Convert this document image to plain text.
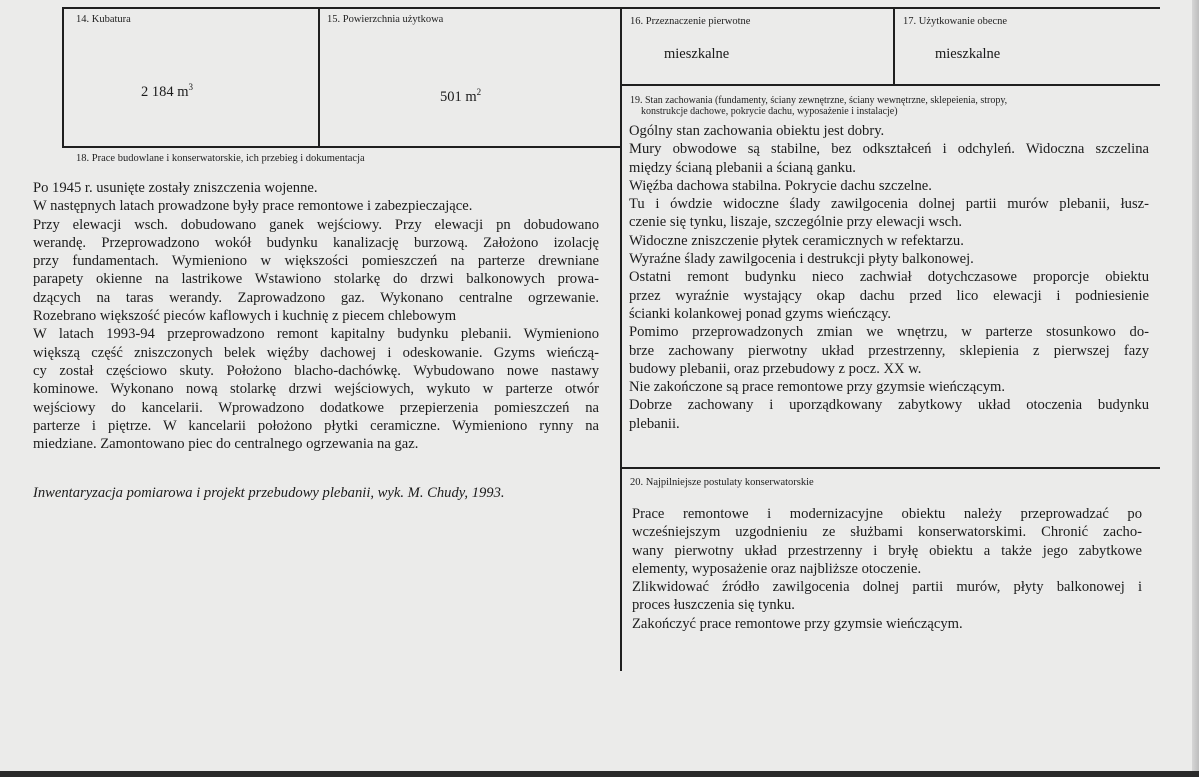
14. Kubatura
2 184 $m^3$
15. Powierzchnia użytkowa
501 $m^2$
16. Przeznaczenie pierwotne
mieszkalne
17. Użytkowanie obecne
mieszkalne
18. Prace budowlane i konserwatorskie, ich przebieg i dokumentacja
Po 1945 r. usunięte zostały zniszczenia wojenne.
W następnych latach prowadzone były prace remontowe i zabezpieczające.
Przy elewacji wsch. dobudowano ganek wejściowy. Przy elewacji pn dobudowano
werandę. Przeprowadzono wokół budynku kanalizację burzową. Założono izolację
przy fundamentach. Wymieniono w większości pomieszczeń na parterze drewniane
parapety okienne na lastrikowe Wstawiono stolarkę do drzwi balkonowych prowa-
dzących na taras werandy. Zaprowadzono gaz. Wykonano centralne ogrzewanie.
Rozebrano większość pieców kaflowych i kuchnię z piecem chlebowym
W latach 1993-94 przeprowadzono remont kapitalny budynku plebanii. Wymieniono
większą część zniszczonych belek więźby dachowej i odeskowanie. Gzyms wieńczą-
cy został częściowo skuty. Położono blacho-dachówkę. Wybudowano nowe nastawy
kominowe. Wykonano nową stolarkę drzwi wejściowych, wykuto w parterze otwór
wejściowy do kancelarii. Wprowadzono dodatkowe przepierzenia pomieszczeń na
parterze i piętrze. W kancelarii położono płytki ceramiczne. Wymieniono rynny na
miedziane. Zamontowano piec do centralnego ogrzewania na gaz.
Inwentaryzacja pomiarowa i projekt przebudowy plebanii, wyk. M. Chudy, 1993.
19. Stan zachowania (fundamenty, ściany zewnętrzne, ściany wewnętrzne, sklepeienia, stropy,
konstrukcje dachowe, pokrycie dachu, wyposażenie i instalacje)
Ogólny stan zachowania obiektu jest dobry.
Mury obwodowe są stabilne, bez odkształceń i odchyleń. Widoczna szczelina
między ścianą plebanii a ścianą ganku.
Więźba dachowa stabilna. Pokrycie dachu szczelne.
Tu i ówdzie widoczne ślady zawilgocenia dolnej partii murów plebanii, łusz-
czenie się tynku, liszaje, szczególnie przy elewacji wsch.
Widoczne zniszczenie płytek ceramicznych w refektarzu.
Wyraźne ślady zawilgocenia i destrukcji płyty balkonowej.
Ostatni remont budynku nieco zachwiał dotychczasowe proporcje obiektu
przez wyraźnie wystający okap dachu przed lico elewacji i podniesienie
ścianki kolankowej ponad gzyms wieńczący.
Pomimo przeprowadzonych zmian we wnętrzu, w parterze stosunkowo do-
brze zachowany pierwotny układ przestrzenny, sklepienia z pierwszej fazy
budowy plebanii, oraz przebudowy z pocz. XX w.
Nie zakończone są prace remontowe przy gzymsie wieńczącym.
Dobrze zachowany i uporządkowany zabytkowy układ otoczenia budynku
plebanii.
20. Najpilniejsze postulaty konserwatorskie
Prace remontowe i modernizacyjne obiektu należy przeprowadzać po
wcześniejszym uzgodnieniu ze służbami konserwatorskimi. Chronić zacho-
wany pierwotny układ przestrzenny i bryłę obiektu a także jego zabytkowe
elementy, wyposażenie oraz najbliższe otoczenie.
Zlikwidować źródło zawilgocenia dolnej partii murów, płyty balkonowej i
proces łuszczenia się tynku.
Zakończyć prace remontowe przy gzymsie wieńczącym.
